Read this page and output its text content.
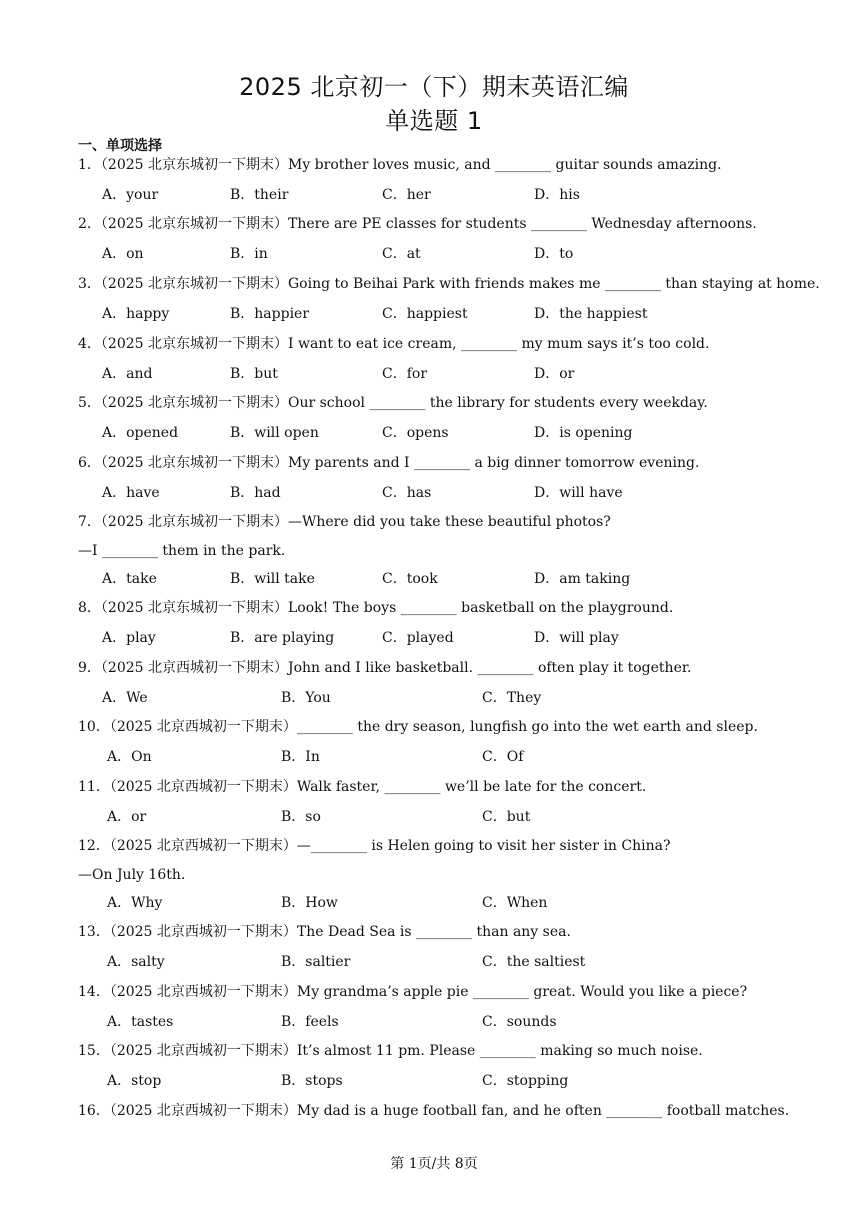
2025 北京初一（下）期末英语汇编
单选题 1
一、单项选择
1．（2025 北京东城初一下期末）My brother loves music, and ________ guitar sounds amazing.
A．your	B．their	C．her	D．his
2．（2025 北京东城初一下期末）There are PE classes for students ________ Wednesday afternoons.
A．on	B．in	C．at	D．to
3．（2025 北京东城初一下期末）Going to Beihai Park with friends makes me ________ than staying at home.
A．happy	B．happier	C．happiest	D．the happiest
4．（2025 北京东城初一下期末）I want to eat ice cream, ________ my mum says it’s too cold.
A．and	B．but	C．for	D．or
5．（2025 北京东城初一下期末）Our school ________ the library for students every weekday.
A．opened	B．will open	C．opens	D．is opening
6．（2025 北京东城初一下期末）My parents and I ________ a big dinner tomorrow evening.
A．have	B．had	C．has	D．will have
7．（2025 北京东城初一下期末）—Where did you take these beautiful photos?
—I ________ them in the park.
A．take	B．will take	C．took	D．am taking
8．（2025 北京东城初一下期末）Look! The boys ________ basketball on the playground.
A．play	B．are playing	C．played	D．will play
9．（2025 北京西城初一下期末）John and I like basketball. ________ often play it together.
A．We	B．You	C．They
10．（2025 北京西城初一下期末）________ the dry season, lungfish go into the wet earth and sleep.
A．On	B．In	C．Of
11．（2025 北京西城初一下期末）Walk faster, ________ we’ll be late for the concert.
A．or	B．so	C．but
12．（2025 北京西城初一下期末）—________ is Helen going to visit her sister in China?
—On July 16th.
A．Why	B．How	C．When
13．（2025 北京西城初一下期末）The Dead Sea is ________ than any sea.
A．salty	B．saltier	C．the saltiest
14．（2025 北京西城初一下期末）My grandma’s apple pie ________ great. Would you like a piece?
A．tastes	B．feels	C．sounds
15．（2025 北京西城初一下期末）It’s almost 11 pm. Please ________ making so much noise.
A．stop	B．stops	C．stopping
16．（2025 北京西城初一下期末）My dad is a huge football fan, and he often ________ football matches.
第 1页/共 8页
